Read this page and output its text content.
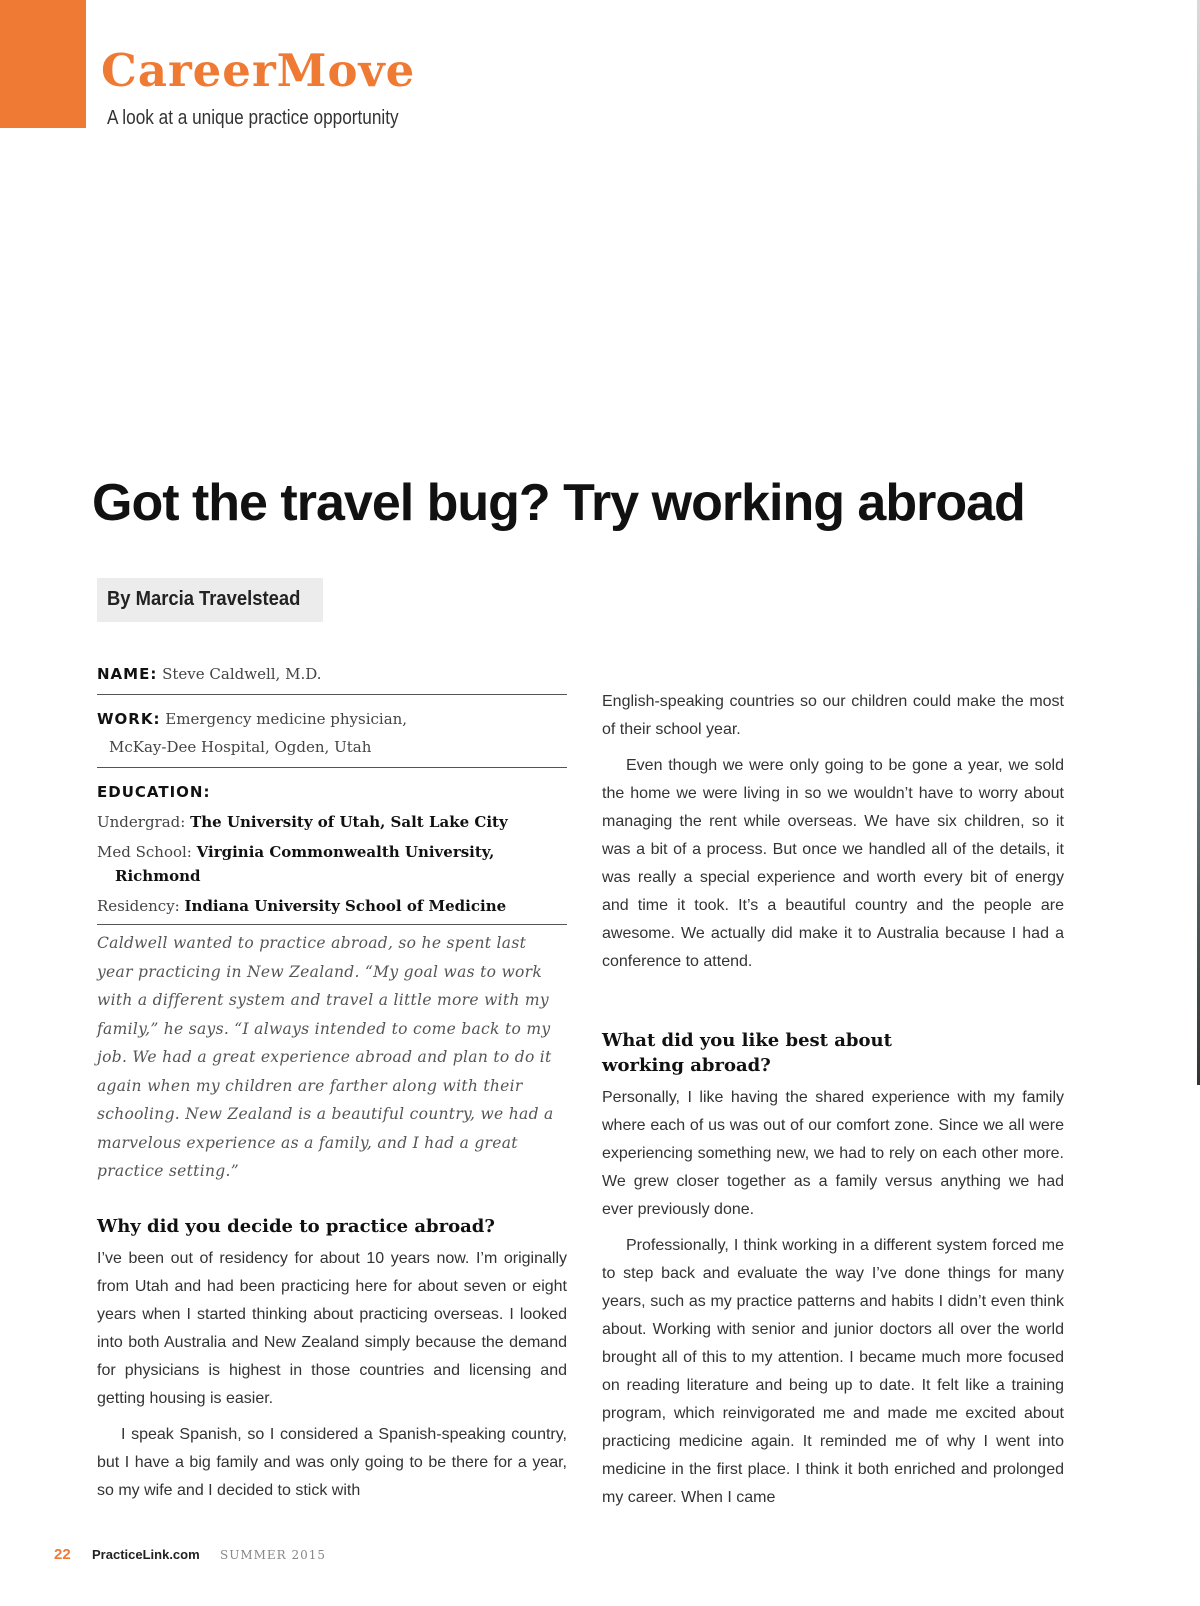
CareerMove
A look at a unique practice opportunity
Got the travel bug? Try working abroad
By Marcia Travelstead
NAME: Steve Caldwell, M.D.
WORK: Emergency medicine physician,
McKay-Dee Hospital, Ogden, Utah
EDUCATION:
Undergrad: The University of Utah, Salt Lake City
Med School: Virginia Commonwealth University,
Richmond
Residency: Indiana University School of Medicine
Caldwell wanted to practice abroad, so he spent last year practicing in New Zealand. “My goal was to work with a different system and travel a little more with my family,” he says. “I always intended to come back to my job. We had a great experience abroad and plan to do it again when my children are farther along with their schooling. New Zealand is a beautiful country, we had a marvelous experience as a family, and I had a great practice setting.”
Why did you decide to practice abroad?

I’ve been out of residency for about 10 years now. I’m originally from Utah and had been practicing here for about seven or eight years when I started thinking about practicing overseas. I looked into both Australia and New Zealand simply because the demand for physicians is highest in those countries and licensing and getting housing is easier.

I speak Spanish, so I considered a Spanish-speaking country, but I have a big family and was only going to be there for a year, so my wife and I decided to stick with

English-speaking countries so our children could make the most of their school year.

Even though we were only going to be gone a year, we sold the home we were living in so we wouldn’t have to worry about managing the rent while overseas. We have six children, so it was a bit of a process. But once we handled all of the details, it was really a special experience and worth every bit of energy and time it took. It’s a beautiful country and the people are awesome. We actually did make it to Australia because I had a conference to attend.

What did you like best about
working abroad?

Personally, I like having the shared experience with my family where each of us was out of our comfort zone. Since we all were experiencing something new, we had to rely on each other more. We grew closer together as a family versus anything we had ever previously done.

Professionally, I think working in a different system forced me to step back and evaluate the way I’ve done things for many years, such as my practice patterns and habits I didn’t even think about. Working with senior and junior doctors all over the world brought all of this to my attention. I became much more focused on reading literature and being up to date. It felt like a training program, which reinvigorated me and made me excited about practicing medicine again. It reminded me of why I went into medicine in the first place. I think it both enriched and prolonged my career. When I came

22 PracticeLink.com SUMMER 2015
